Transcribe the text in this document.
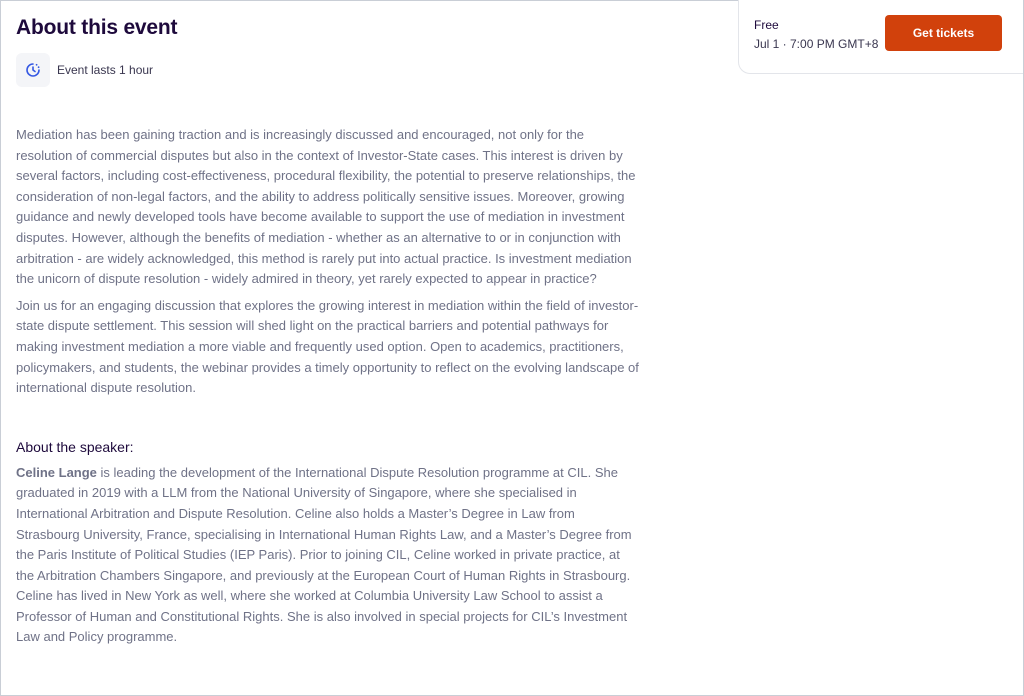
About this event
Event lasts 1 hour

Mediation has been gaining traction and is increasingly discussed and encouraged, not only for the resolution of commercial disputes but also in the context of Investor-State cases. This interest is driven by several factors, including cost-effectiveness, procedural flexibility, the potential to preserve relationships, the consideration of non-legal factors, and the ability to address politically sensitive issues. Moreover, growing guidance and newly developed tools have become available to support the use of mediation in investment disputes. However, although the benefits of mediation - whether as an alternative to or in conjunction with arbitration - are widely acknowledged, this method is rarely put into actual practice. Is investment mediation the unicorn of dispute resolution - widely admired in theory, yet rarely expected to appear in practice?

Join us for an engaging discussion that explores the growing interest in mediation within the field of investor-state dispute settlement. This session will shed light on the practical barriers and potential pathways for making investment mediation a more viable and frequently used option. Open to academics, practitioners, policymakers, and students, the webinar provides a timely opportunity to reflect on the evolving landscape of international dispute resolution.

About the speaker:

Celine Lange is leading the development of the International Dispute Resolution programme at CIL. She graduated in 2019 with a LLM from the National University of Singapore, where she specialised in International Arbitration and Dispute Resolution. Celine also holds a Master’s Degree in Law from Strasbourg University, France, specialising in International Human Rights Law, and a Master’s Degree from the Paris Institute of Political Studies (IEP Paris). Prior to joining CIL, Celine worked in private practice, at the Arbitration Chambers Singapore, and previously at the European Court of Human Rights in Strasbourg. Celine has lived in New York as well, where she worked at Columbia University Law School to assist a Professor of Human and Constitutional Rights. She is also involved in special projects for CIL’s Investment Law and Policy programme.

Free
Jul 1 · 7:00 PM GMT+8
Get tickets
